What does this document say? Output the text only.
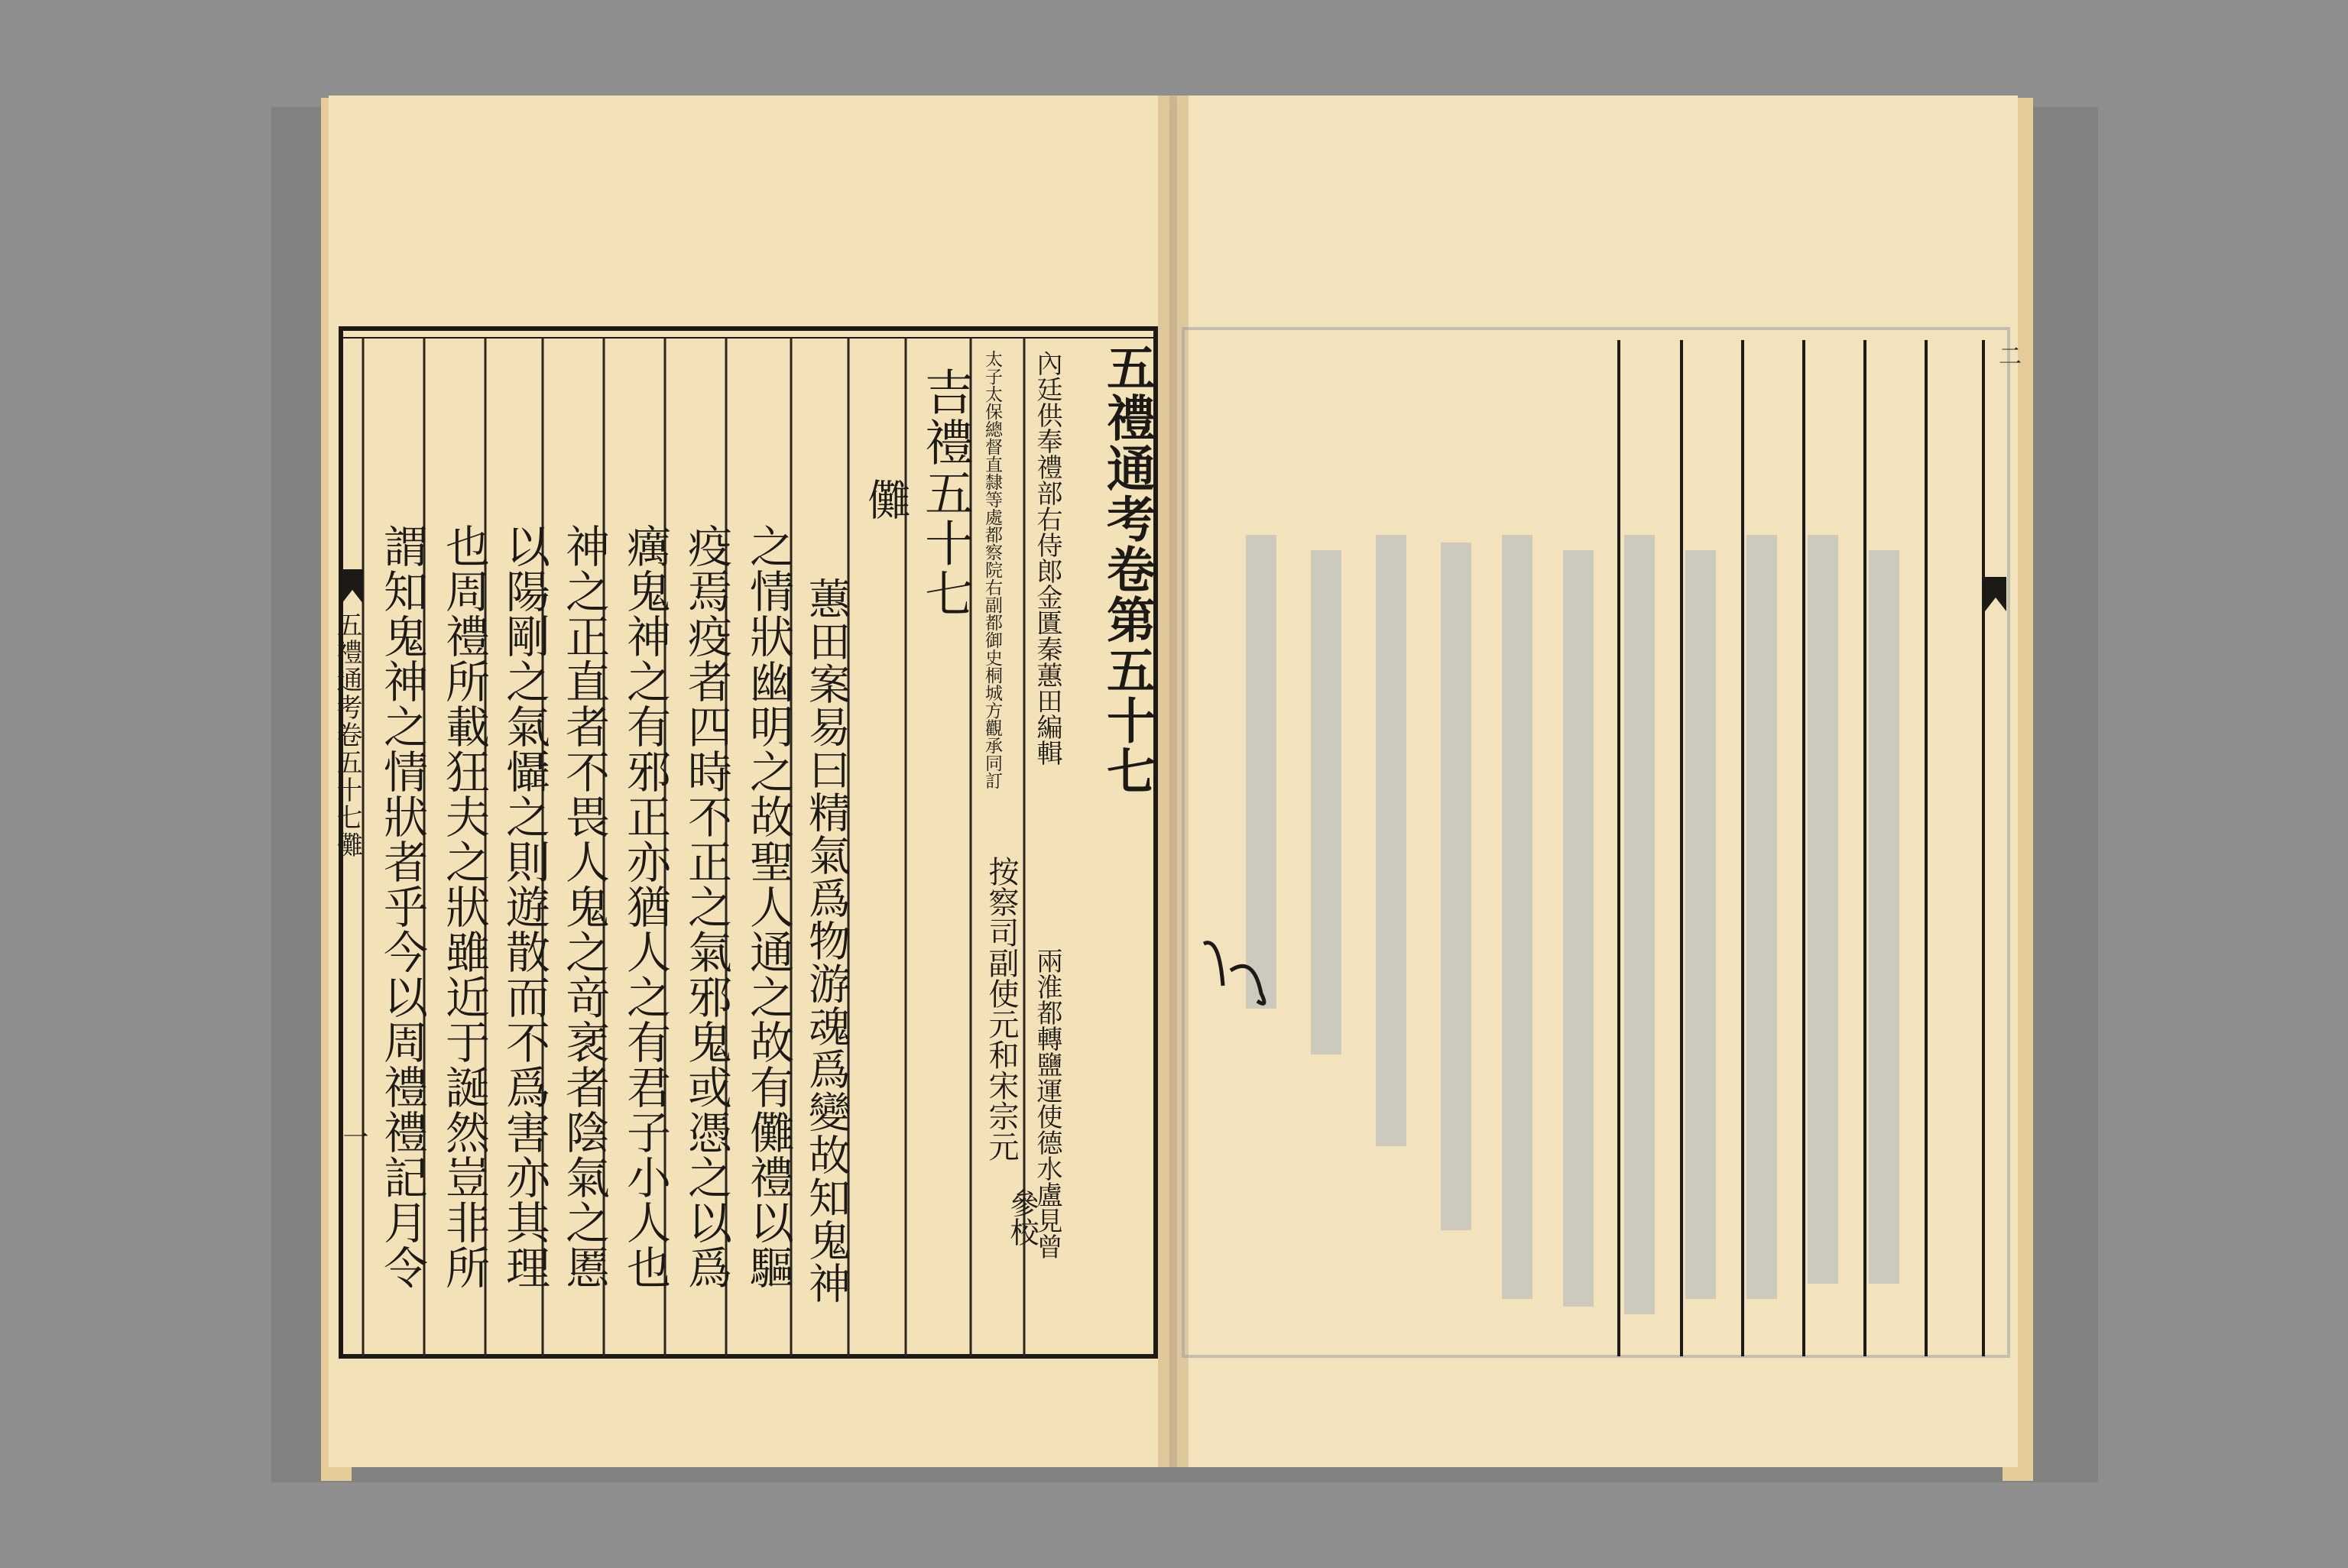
五禮通考卷第五十七
內廷供奉禮部右侍郎金匱秦蕙田編輯
兩淮都轉鹽運使德水盧見曾
太子太保總督直隸等處都察院右副都御史桐城方觀承同訂
按察司副使元和宋宗元
參校
吉禮五十七
儺
蕙田案易曰精氣爲物游魂爲變故知鬼神
之情狀幽明之故聖人通之故有儺禮以驅
疫焉疫者四時不正之氣邪鬼或憑之以爲
癘鬼神之有邪正亦猶人之有君子小人也
神之正直者不畏人鬼之竒衺者陰氣之慝
以陽剛之氣懾之則遊散而不爲害亦其理
也周禮所載狂夫之狀雖近于誕然豈非所
謂知鬼神之情狀者乎今以周禮禮記月令
五禮通考卷五十七儺
一
二
